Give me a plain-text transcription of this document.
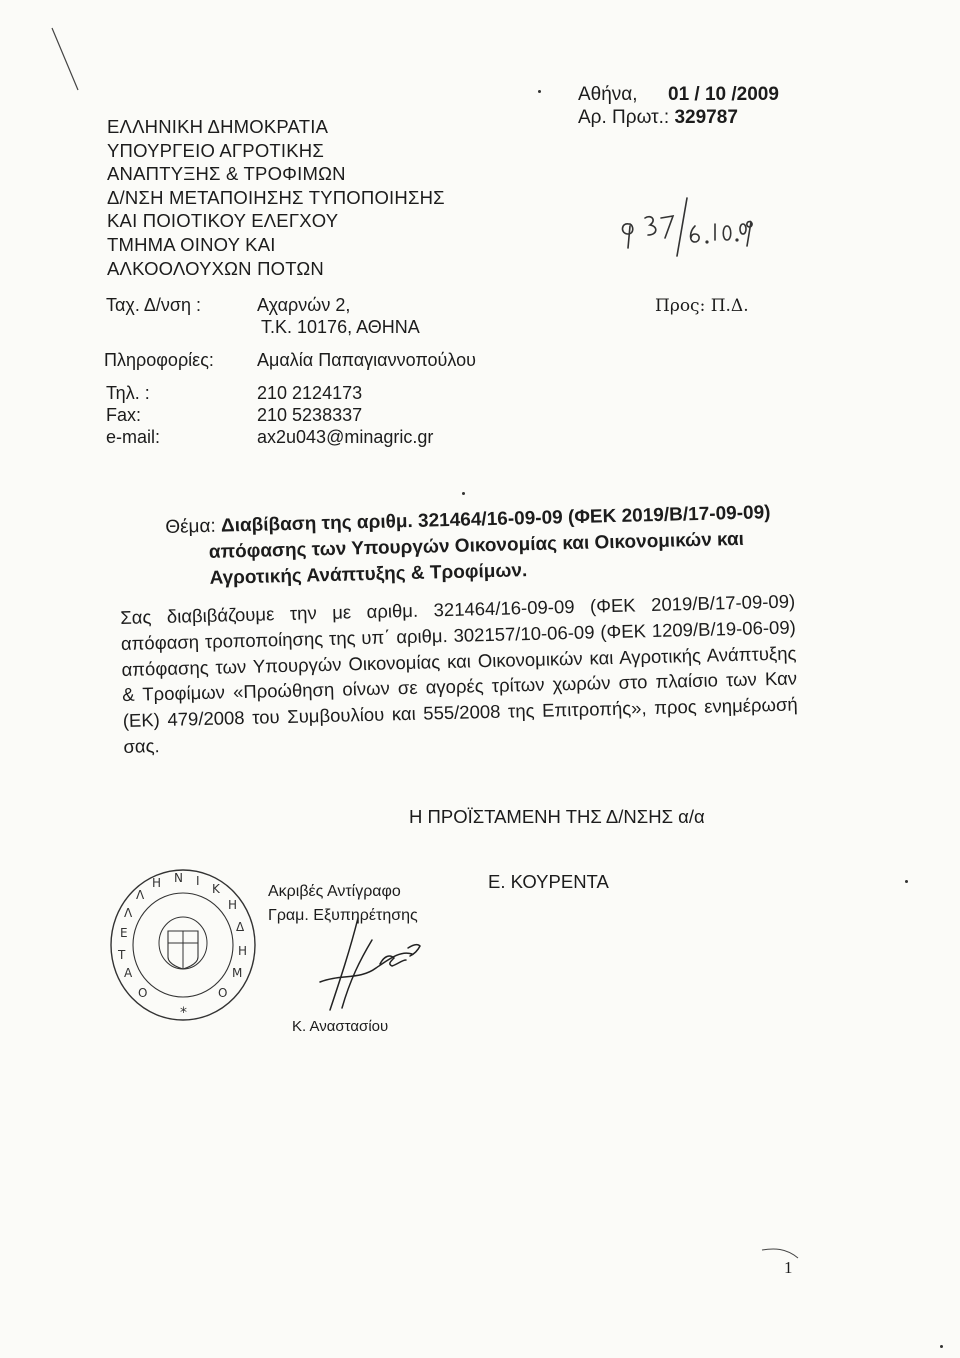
ΕΛΛΗΝΙΚΗ ΔΗΜΟΚΡΑΤΙΑ
ΥΠΟΥΡΓΕΙΟ ΑΓΡΟΤΙΚΗΣ
ΑΝΑΠΤΥΞΗΣ & ΤΡΟΦΙΜΩΝ
Δ/ΝΣΗ ΜΕΤΑΠΟΙΗΣΗΣ ΤΥΠΟΠΟΙΗΣΗΣ
ΚΑΙ ΠΟΙΟΤΙΚΟΥ ΕΛΕΓΧΟΥ
ΤΜΗΜΑ ΟΙΝΟΥ ΚΑΙ
ΑΛΚΟΟΛΟΥΧΩΝ ΠΟΤΩΝ
Αθήνα, 01 / 10 /2009
Αρ. Πρωτ.: 329787
Ταχ. Δ/νση :	Αχαρνών 2,
Τ.Κ. 10176, ΑΘΗΝΑ
Πληροφορίες: Αμαλία Παπαγιαννοπούλου
Τηλ. :	210 2124173
Fax:	210 5238337
e-mail:	ax2u043@minagric.gr
Προς: Π.Δ.
Θέμα: Διαβίβαση της αριθμ. 321464/16-09-09 (ΦΕΚ 2019/Β/17-09-09)
απόφασης των Υπουργών Οικονομίας και Οικονομικών και
Αγροτικής Ανάπτυξης & Τροφίμων.
Σας διαβιβάζουμε την με αριθμ. 321464/16-09-09 (ΦΕΚ 2019/Β/17-09-09) απόφαση τροποποίησης της υπ΄ αριθμ. 302157/10-06-09 (ΦΕΚ 1209/Β/19-06-09) απόφασης των Υπουργών Οικονομίας και Οικονομικών και Αγροτικής Ανάπτυξης & Τροφίμων «Προώθηση οίνων σε αγορές τρίτων χωρών στο πλαίσιο των Καν (ΕΚ) 479/2008 του Συμβουλίου και 555/2008 της Επιτροπής», προς ενημέρωσή σας.
Η ΠΡΟΪΣΤΑΜΕΝΗ ΤΗΣ Δ/ΝΣΗΣ α/α
Ε. ΚΟΥΡΕΝΤΑ
Ε
Λ
Λ
Η Ν Ι
Κ
Η
Δ
Η
Μ
Ο
*
Ο
Α
Τ
Ακριβές Αντίγραφο
Γραμ. Εξυπηρέτησης
Κ. Αναστασίου
1
